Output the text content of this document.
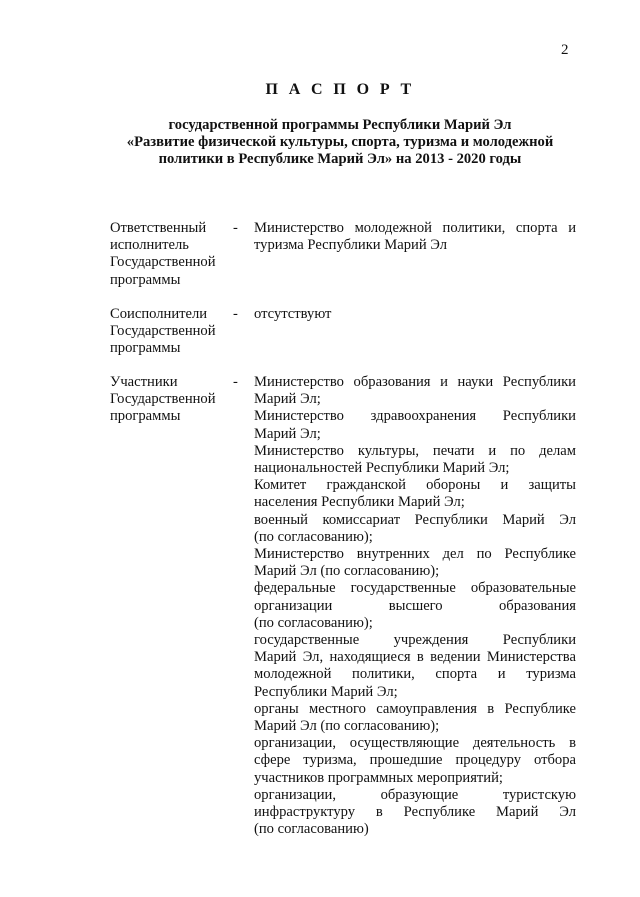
2
П А С П О Р Т
государственной программы Республики Марий Эл
«Развитие физической культуры, спорта, туризма и молодежной
политики в Республике Марий Эл» на 2013 - 2020 годы
Ответственный
исполнитель
Государственной
программы
- Министерство молодежной политики, спорта и
туризма Республики Марий Эл
Соисполнители
Государственной
программы
- отсутствуют
Участники
Государственной
программы
- Министерство образования и науки Республики
Марий Эл;
Министерство здравоохранения Республики
Марий Эл;
Министерство культуры, печати и по делам
национальностей Республики Марий Эл;
Комитет гражданской обороны и защиты
населения Республики Марий Эл;
военный комиссариат Республики Марий Эл
(по согласованию);
Министерство внутренних дел по Республике
Марий Эл (по согласованию);
федеральные государственные образовательные
организации высшего образования
(по согласованию);
государственные учреждения Республики
Марий Эл, находящиеся в ведении Министерства
молодежной политики, спорта и туризма
Республики Марий Эл;
органы местного самоуправления в Республике
Марий Эл (по согласованию);
организации, осуществляющие деятельность в
сфере туризма, прошедшие процедуру отбора
участников программных мероприятий;
организации, образующие туристскую
инфраструктуру в Республике Марий Эл
(по согласованию)
